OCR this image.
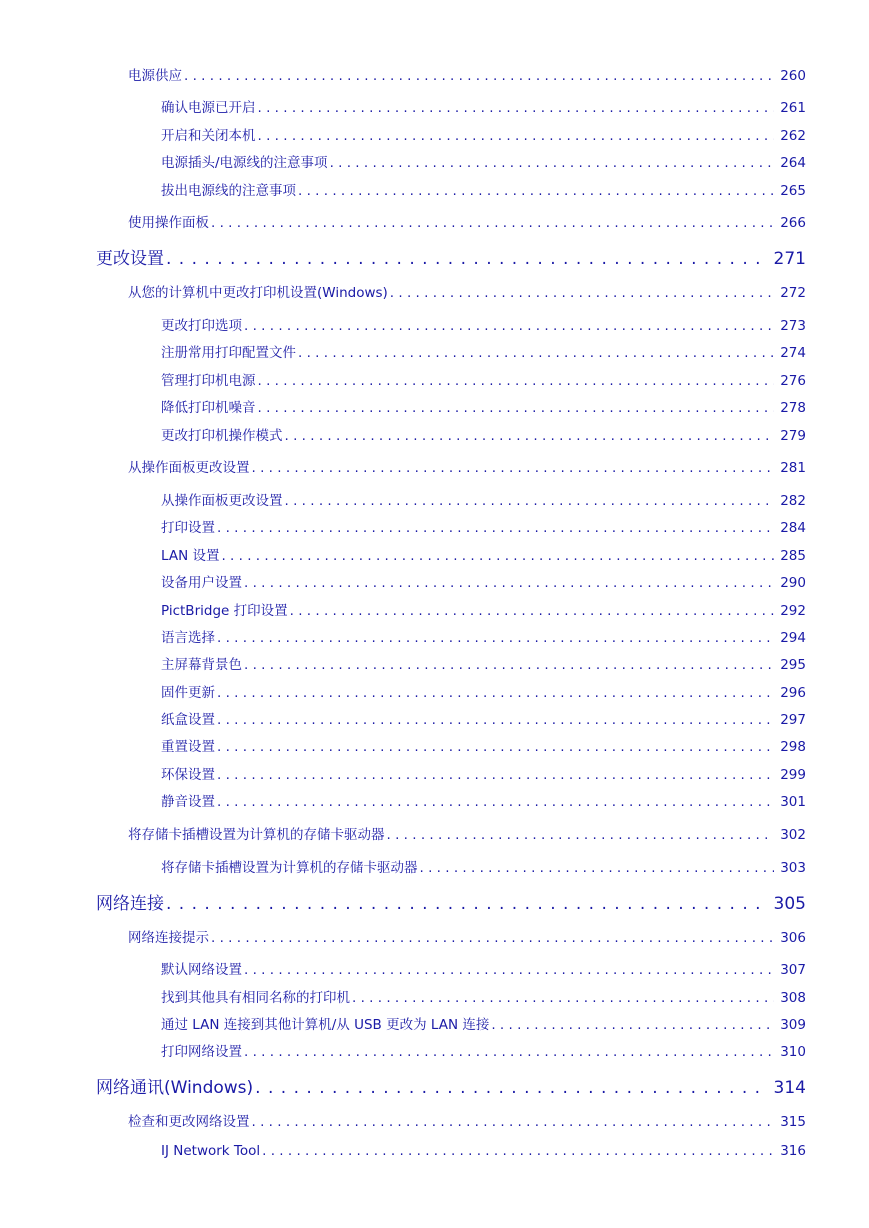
电源供应 . . .	260
确认电源已开启 . . .	261
开启和关闭本机 . . .	262
电源插头/电源线的注意事项 . . .	264
拔出电源线的注意事项 . . .	265
使用操作面板 . . .	266
更改设置 . . .	271
从您的计算机中更改打印机设置(Windows) . . .	272
更改打印选项 . . .	273
注册常用打印配置文件 . . .	274
管理打印机电源 . . .	276
降低打印机噪音 . . .	278
更改打印机操作模式 . . .	279
从操作面板更改设置 . . .	281
从操作面板更改设置 . . .	282
打印设置 . . .	284
LAN 设置 . . .	285
设备用户设置 . . .	290
PictBridge 打印设置 . . .	292
语言选择 . . .	294
主屏幕背景色 . . .	295
固件更新 . . .	296
纸盒设置 . . .	297
重置设置 . . .	298
环保设置 . . .	299
静音设置 . . .	301
将存储卡插槽设置为计算机的存储卡驱动器 . . .	302
将存储卡插槽设置为计算机的存储卡驱动器 . . .	303
网络连接 . . .	305
网络连接提示 . . .	306
默认网络设置 . . .	307
找到其他具有相同名称的打印机 . . .	308
通过 LAN 连接到其他计算机/从 USB 更改为 LAN 连接 . . .	309
打印网络设置 . . .	310
网络通讯(Windows) . . .	314
检查和更改网络设置 . . .	315
IJ Network Tool . . .	316
